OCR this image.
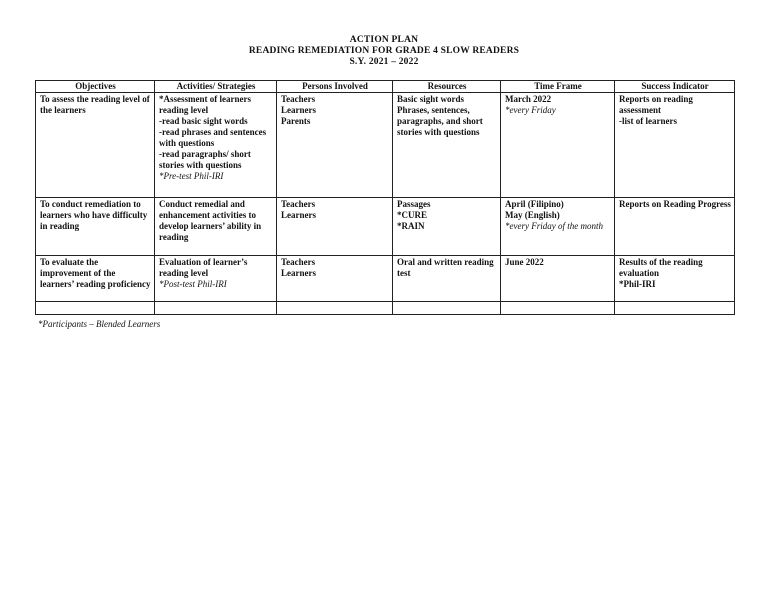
ACTION PLAN
READING REMEDIATION FOR GRADE 4 SLOW READERS
S.Y. 2021 – 2022
Objectives	Activities/ Strategies	Persons Involved	Resources	Time Frame	Success Indicator

To assess the reading level of the learners	*Assessment of learners reading level
-read basic sight words
-read phrases and sentences with questions
-read paragraphs/ short stories with questions
*Pre-test Phil-IRI	Teachers
Learners
Parents	Basic sight words
Phrases, sentences, paragraphs, and short stories with questions	March 2022
*every Friday	Reports on reading assessment
-list of learners

To conduct remediation to learners who have difficulty in reading	Conduct remedial and enhancement activities to develop learners’ ability in reading	Teachers
Learners	Passages
*CURE
*RAIN	April (Filipino)
May (English)
*every Friday of the month	Reports on Reading Progress

To evaluate the improvement of the learners’ reading proficiency	Evaluation of learner’s reading level
*Post-test Phil-IRI	Teachers
Learners	Oral and written reading test	June 2022	Results of the reading evaluation
*Phil-IRI

*Participants – Blended Learners
